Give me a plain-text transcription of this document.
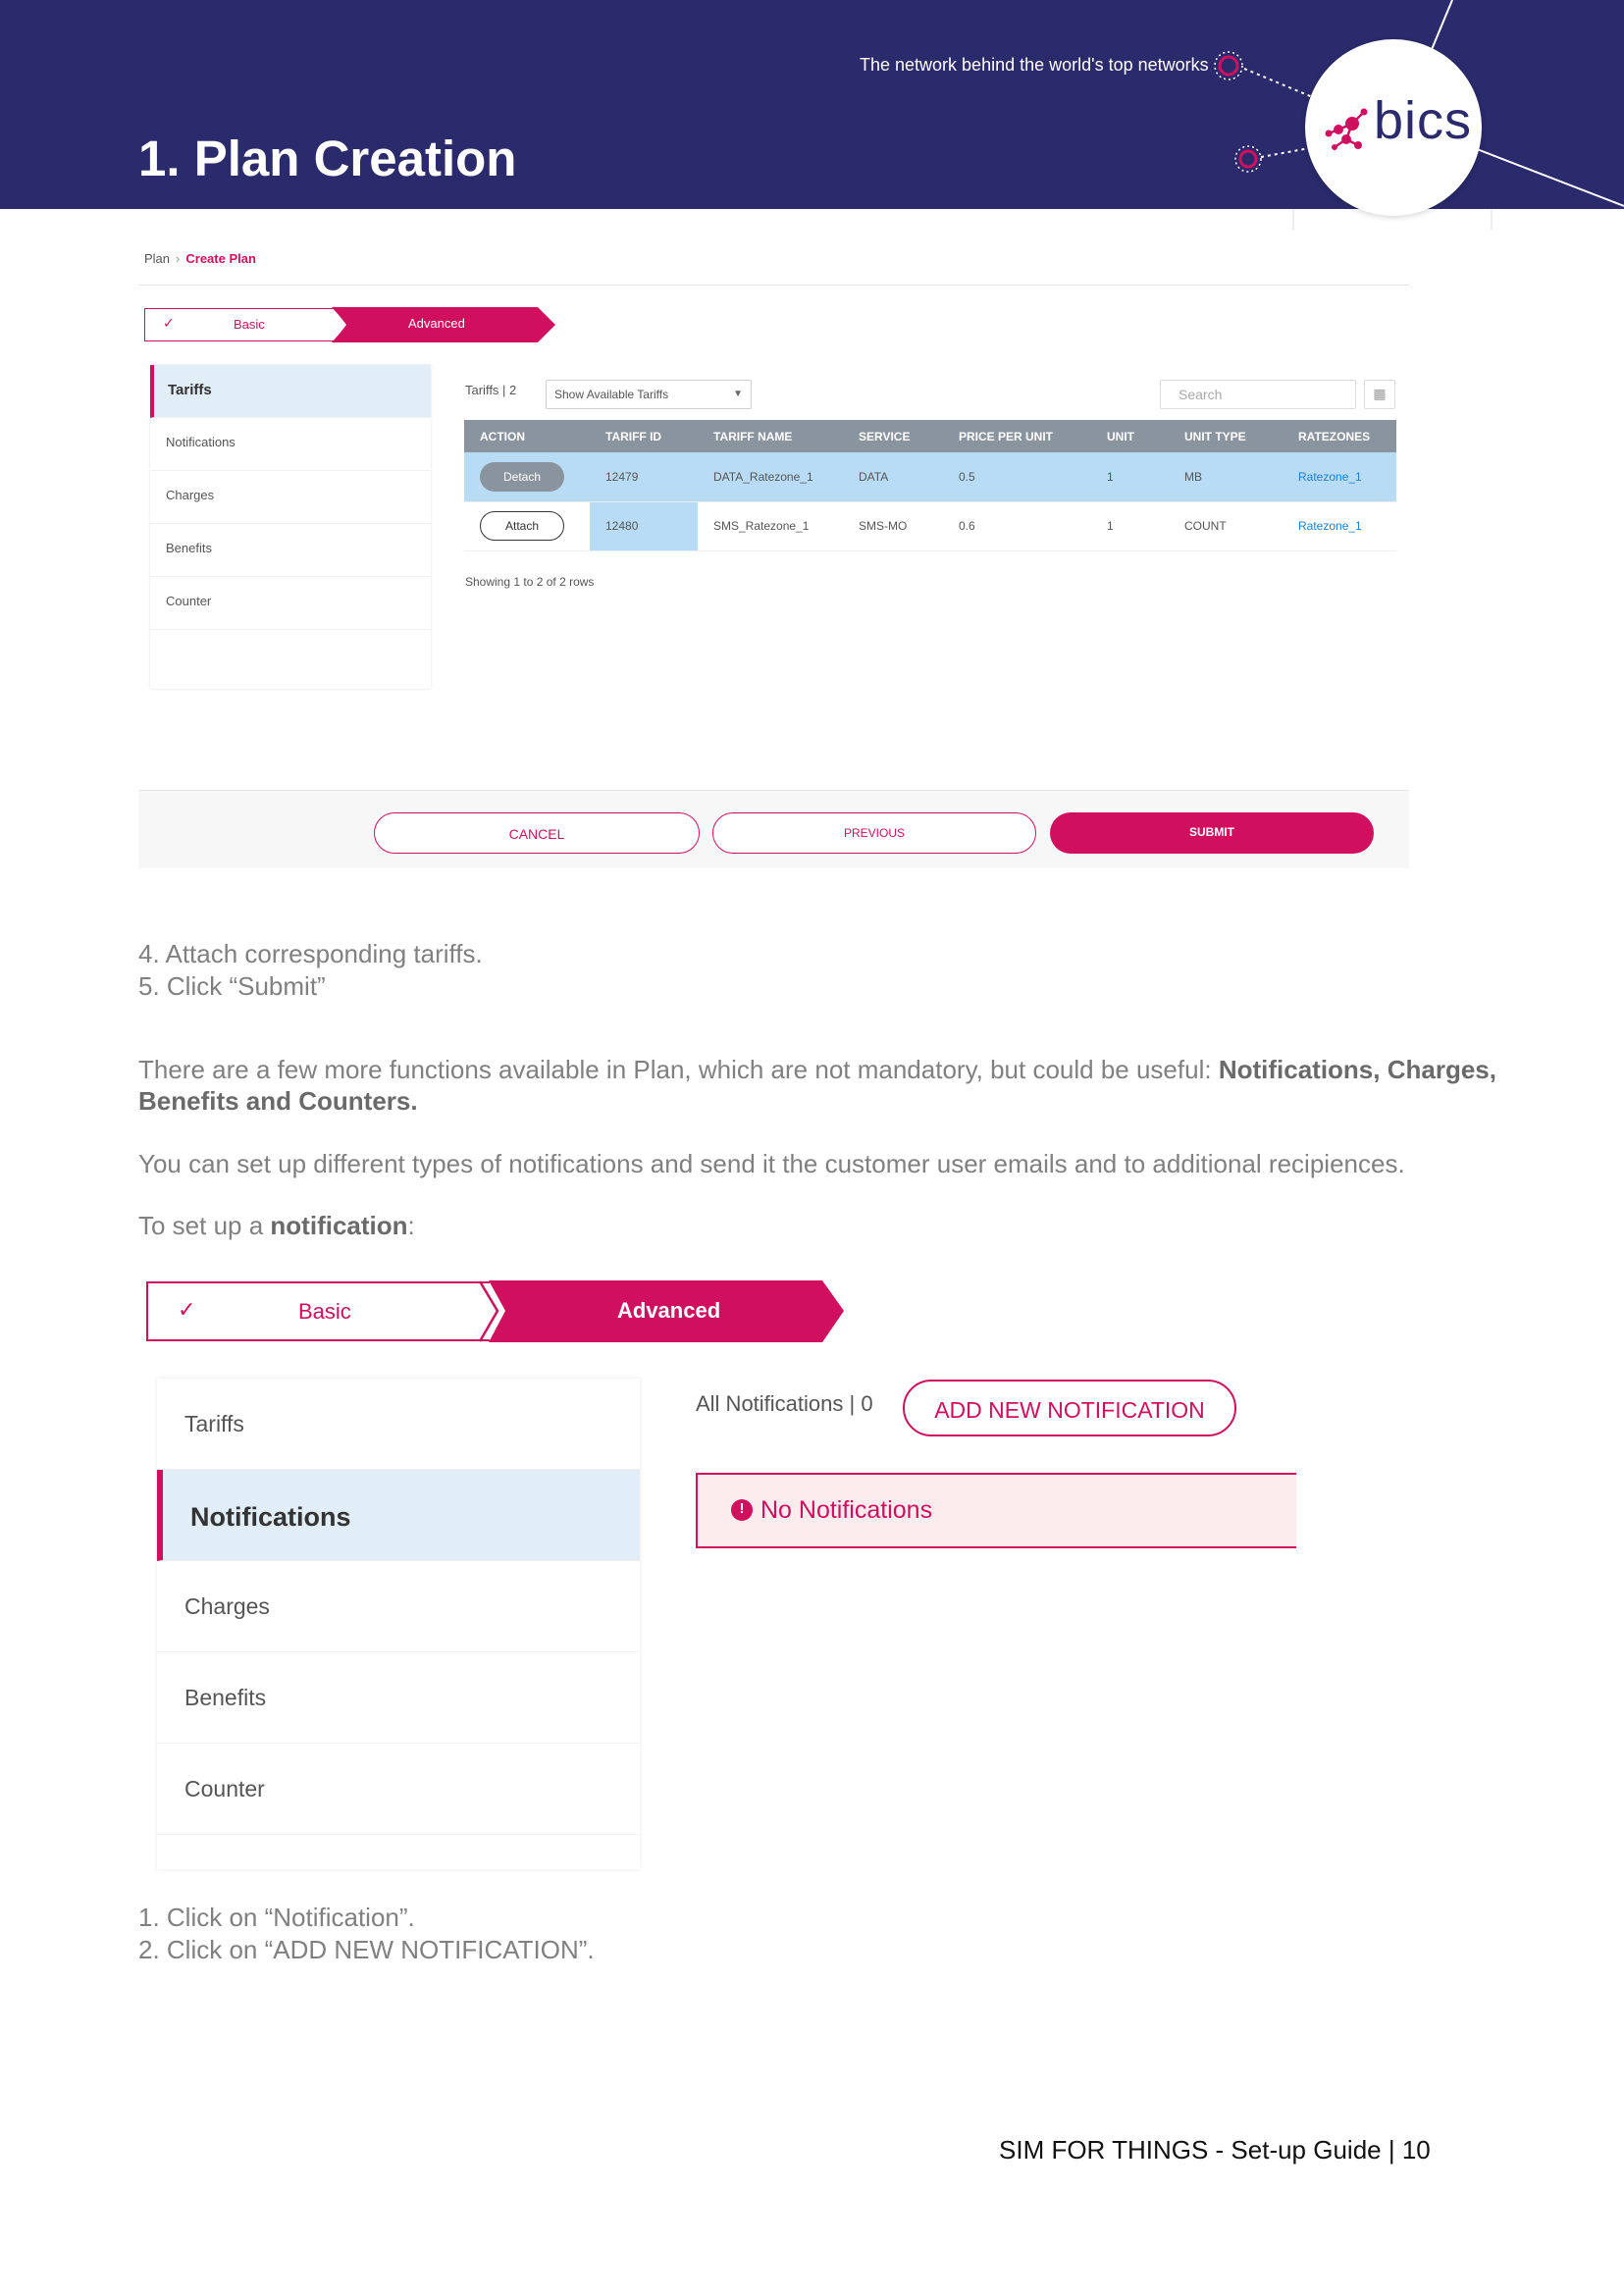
1. Plan Creation
The network behind the world's top networks
bics
Plan › Create Plan
✓	Basic	Advanced
Tariffs
Notifications
Charges
Benefits
Counter
Tariffs | 2	Show Available Tariffs	▼	Search	▦
ACTION	TARIFF ID	TARIFF NAME	SERVICE	PRICE PER UNIT	UNIT	UNIT TYPE	RATEZONES
Detach	12479	DATA_Ratezone_1	DATA	0.5	1	MB	Ratezone_1
Attach	12480	SMS_Ratezone_1	SMS-MO	0.6	1	COUNT	Ratezone_1
Showing 1 to 2 of 2 rows
CANCEL	PREVIOUS	SUBMIT
4. Attach corresponding tariffs.
5. Click “Submit”
There are a few more functions available in Plan, which are not mandatory, but could be useful: Notifications, Charges, Benefits and Counters.
You can set up different types of notifications and send it the customer user emails and to additional recipiences.
To set up a notification:
✓	Basic	Advanced
Tariffs
Notifications
Charges
Benefits
Counter
All Notifications | 0	ADD NEW NOTIFICATION
! No Notifications
1. Click on “Notification”.
2. Click on “ADD NEW NOTIFICATION”.
SIM FOR THINGS - Set-up Guide | 10
